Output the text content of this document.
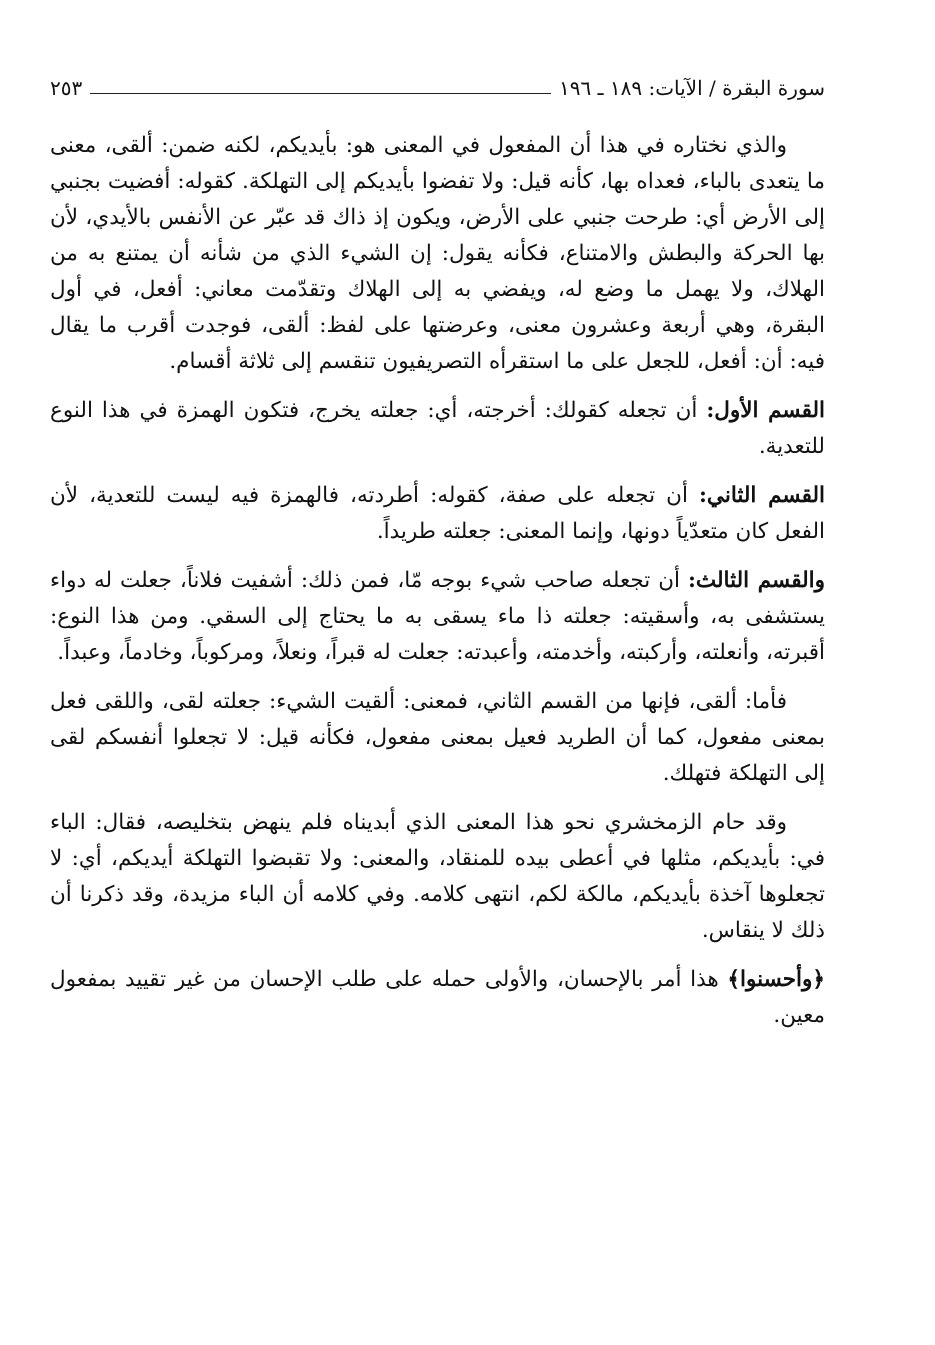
سورة البقرة / الآيات: ١٨٩ ـ ١٩٦
٢٥٣

والذي نختاره في هذا أن المفعول في المعنى هو: بأيديكم، لكنه ضمن: ألقى، معنى ما يتعدى بالباء، فعداه بها، كأنه قيل: ولا تفضوا بأيديكم إلى التهلكة. كقوله: أفضيت بجنبي إلى الأرض أي: طرحت جنبي على الأرض، ويكون إذ ذاك قد عبّر عن الأنفس بالأيدي، لأن بها الحركة والبطش والامتناع، فكأنه يقول: إن الشيء الذي من شأنه أن يمتنع به من الهلاك، ولا يهمل ما وضع له، ويفضي به إلى الهلاك وتقدّمت معاني: أفعل، في أول البقرة، وهي أربعة وعشرون معنى، وعرضتها على لفظ: ألقى، فوجدت أقرب ما يقال فيه: أن: أفعل، للجعل على ما استقرأه التصريفيون تنقسم إلى ثلاثة أقسام.

القسم الأول: أن تجعله كقولك: أخرجته، أي: جعلته يخرج، فتكون الهمزة في هذا النوع للتعدية.

القسم الثاني: أن تجعله على صفة، كقوله: أطردته، فالهمزة فيه ليست للتعدية، لأن الفعل كان متعدّياً دونها، وإنما المعنى: جعلته طريداً.

والقسم الثالث: أن تجعله صاحب شيء بوجه مّا، فمن ذلك: أشفيت فلاناً، جعلت له دواء يستشفى به، وأسقيته: جعلته ذا ماء يسقى به ما يحتاج إلى السقي. ومن هذا النوع: أقبرته، وأنعلته، وأركبته، وأخدمته، وأعبدته: جعلت له قبراً، ونعلاً، ومركوباً، وخادماً، وعبداً.

فأما: ألقى، فإنها من القسم الثاني، فمعنى: ألقيت الشيء: جعلته لقى، واللقى فعل بمعنى مفعول، كما أن الطريد فعيل بمعنى مفعول، فكأنه قيل: لا تجعلوا أنفسكم لقى إلى التهلكة فتهلك.

وقد حام الزمخشري نحو هذا المعنى الذي أبديناه فلم ينهض بتخليصه، فقال: الباء في: بأيديكم، مثلها في أعطى بيده للمنقاد، والمعنى: ولا تقبضوا التهلكة أيديكم، أي: لا تجعلوها آخذة بأيديكم، مالكة لكم، انتهى كلامه. وفي كلامه أن الباء مزيدة، وقد ذكرنا أن ذلك لا ينقاس.

﴿وأحسنوا﴾ هذا أمر بالإحسان، والأولى حمله على طلب الإحسان من غير تقييد بمفعول معين.
